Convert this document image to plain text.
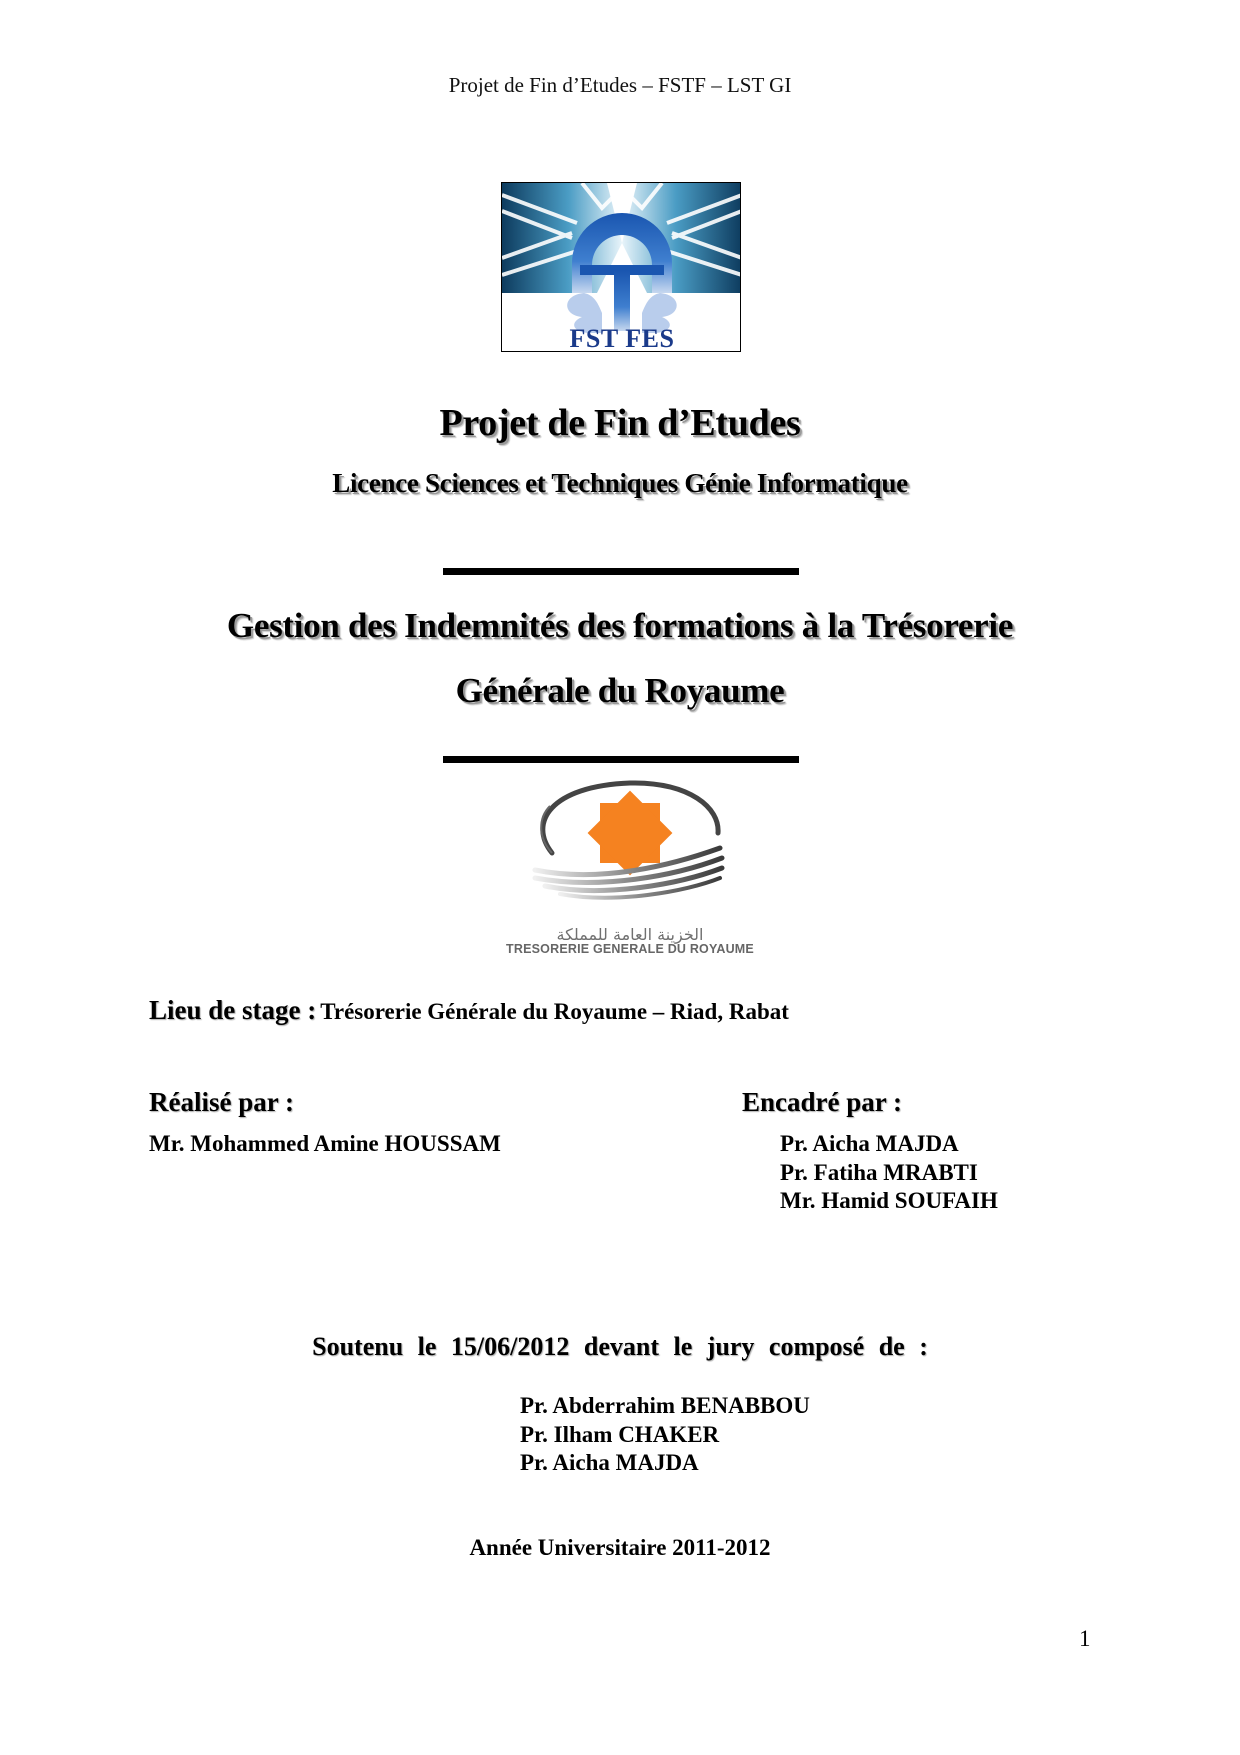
Projet de Fin d’Etudes – FSTF – LST GI
FST FES
Projet de Fin d’Etudes
Licence Sciences et Techniques Génie Informatique
Gestion des Indemnités des formations à la Trésorerie
Générale du Royaume
الخزينة العامة للمملكة
TRESORERIE GENERALE DU ROYAUME
Lieu de stage : Trésorerie Générale du Royaume – Riad, Rabat
Réalisé par :
Mr. Mohammed Amine HOUSSAM
Encadré par :
Pr. Aicha MAJDA
Pr. Fatiha MRABTI
Mr. Hamid SOUFAIH
Soutenu le 15/06/2012 devant le jury composé de :
Pr. Abderrahim BENABBOU
Pr. Ilham CHAKER
Pr. Aicha MAJDA
Année Universitaire 2011-2012
1
